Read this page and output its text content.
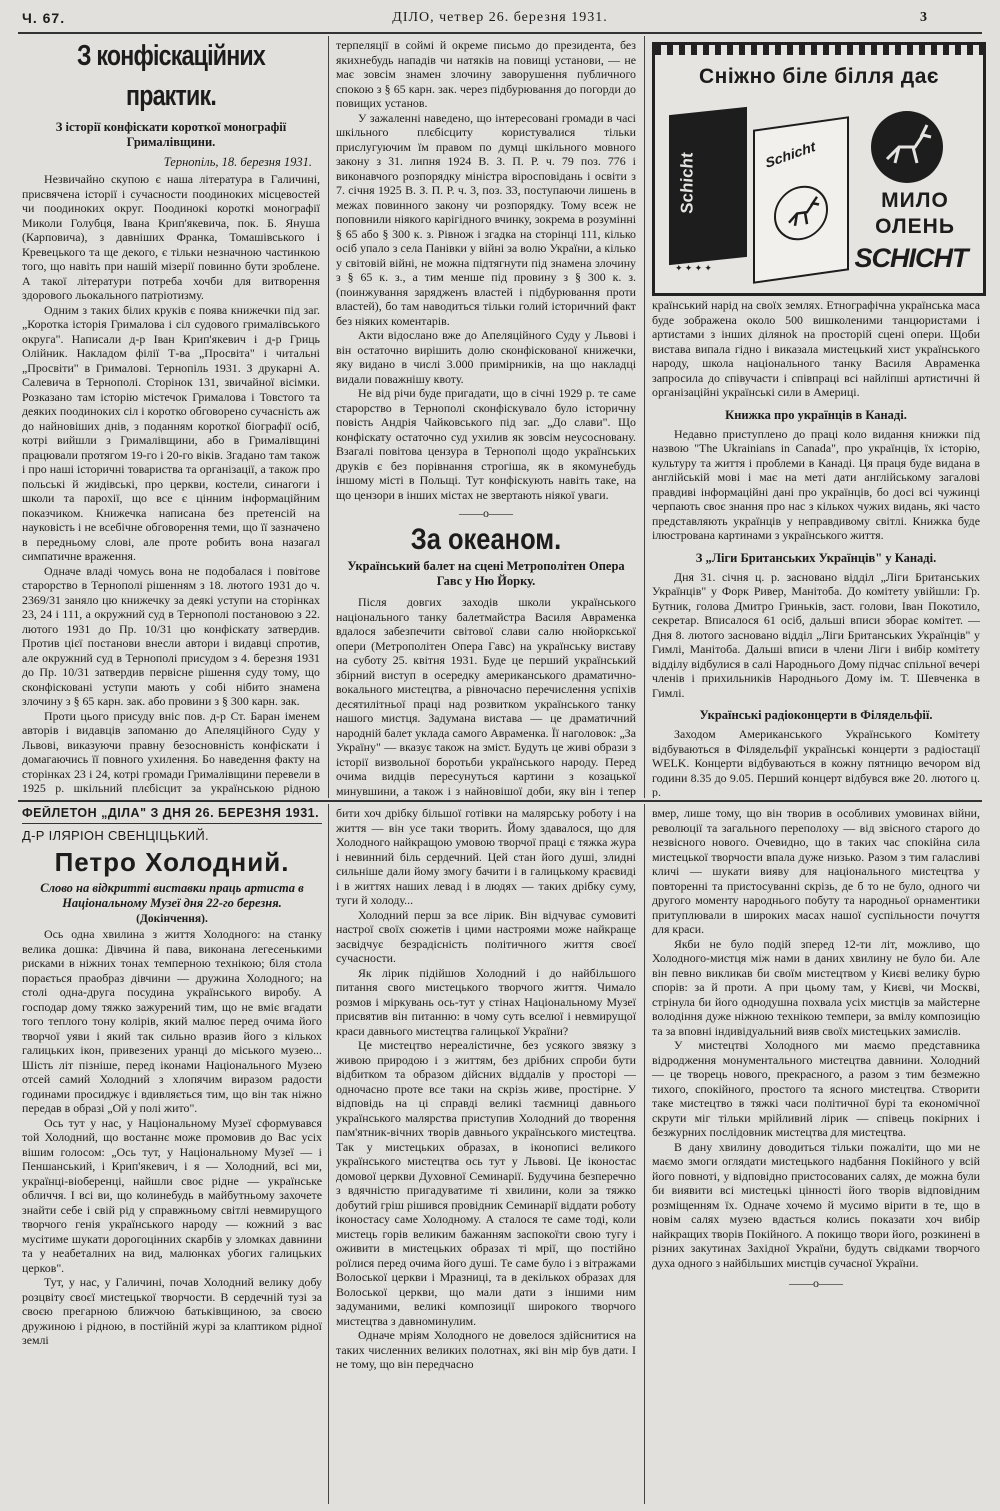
Ч. 67.	ДІЛО, четвер 26. березня 1931.	3
З конфіскаційних практик.

З історії конфіскати короткої монографії Грималівщини.

Тернопіль, 18. березня 1931.

Незвичайно скупою є наша література в Галичині, присвячена історії і сучасности поодиноких місцевостей чи поодиноких округ. Поодинокі короткі монографії Миколи Голубця, Івана Крип'якевича, пок. Б. Януша (Карповича), з давніших Франка, Томашівського і Кревецького та ще декого, є тільки незначною частинкою того, що навіть при нашій мізерії повинно бути зроблене. А такої літератури потреба хочби для витворення здорового льокального патріотизму.

Одним з таких білих круків є поява книжечки під заг. „Коротка історія Грималова і сіл судового грималівського округа". Написали д-р Іван Крип'якевич і д-р Гриць Олійник. Накладом філії Т-ва „Просвіта" і читальні „Просвіти" в Грималові. Тернопіль 1931. З друкарні А. Салевича в Тернополі. Сторінок 131, звичайної вісімки. Розказано там історію містечок Грималова і Товстого та деяких поодиноких сіл і коротко обговорено сучасність аж до найновіших днів, з поданням короткої біографії осіб, котрі вийшли з Грималівщини, або в Грималівщині працювали протягом 19-го і 20-го віків. Згадано там також і про наші історичні товариства та організації, а також про польські й жидівські, про церкви, костели, синагоги і школи та парохії, що все є цінним інформаційним показчиком. Книжечка написана без претенсій на науковість і не всебічне обговорення теми, що її зазначено в передньому слові, але проте робить вона назагал симпатичне враження.

Одначе владі чомусь вона не подобалася і повітове старорство в Тернополі рішенням з 18. лютого 1931 до ч. 2369/31 заняло цю книжечку за деякі уступи на сторінках 23, 24 і 111, а окружний суд в Тернополі постановою з 22. лютого 1931 до Пр. 10/31 цю конфіскату затвердив. Против цієї постанови внесли автори і видавці спротив, але окружний суд в Тернополі присудом з 4. березня 1931 до Пр. 10/31 затвердив первісне рішення суду тому, що сконфісковані уступи мають у собі нібито знамена злочину з § 65 карн. зак. або провини з § 300 карн. зак.

Проти цього присуду вніс пов. д-р Ст. Баран іменем авторів і видавців запоманю до Апеляційного Суду у Львові, виказуючи правну безосновність конфіскати і домагаючись її повного ухилення. Бо наведення факту на сторінках 23 і 24, котрі громади Грималівщини перевели в 1925 р. шкільний плєбісцит за українською рідною

терпеляції в соймі й окреме письмо до президента, без якихнебудь нападів чи натяків на повищі установи, — не має зовсім знамен злочину заворушення публичного спокою з § 65 карн. зак. через підбурювання до погорди до повищих установ.

У зажаленні наведено, що інтересовані громади в часі шкільного плєбісциту користувалися тільки прислугуючим їм правом по думці шкільного мовного закону з 31. липня 1924 В. З. П. Р. ч. 79 поз. 776 і виконавчого розпорядку міністра віросповідань і освіти з 7. січня 1925 В. З. П. Р. ч. 3, поз. 33, поступаючи лишень в межах повинного закону чи розпорядку. Тому всеж не поповнили ніякого карігідного вчинку, зокрема в розумінні § 65 або § 300 к. з. Рівнож і згадка на сторінці 111, кілько осіб упало з села Панівки у війні за волю України, а кілько у світовій війні, не можна підтягнути під знамена злочину з § 65 к. з., а тим менше під провину з § 300 к. з. (поинжування зарядженъ властей і підбурювання проти властей), бо там наводиться тільки голий історичний факт без ніяких коментарів.

Акти відослано вже до Апеляційного Суду у Львові і він остаточно вирішить долю сконфіскованої книжечки, яку видано в числі 3.000 примірників, на що накладці видали поважнішу квоту.

Не від річи буде пригадати, що в січні 1929 р. те саме старорство в Тернополі сконфіскувало було історичну повість Андрія Чайковського під заг. „До слави". Що конфіскату остаточно суд ухилив як зовсім неусосновану. Взагалі повітова цензура в Тернополі щодо українських друків є без порівнання строгіша, як в якомунебудь іншому місті в Польщі. Тут конфіскують навіть таке, на що цензори в інших містах не звертають ніякої уваги.

——о——
За океаном.

Український балет на сцені Метрополітен Опера Гавс у Ню Йорку.

Після довгих заходів школи українського національного танку балетмайстра Василя Авраменка вдалося забезпечити світової слави салю нюйоркської опери (Метрополітен Опера Гавс) на українську виставу на суботу 25. квітня 1931. Буде це перший український збірний виступ в осередку американського драматично-вокального мистецтва, а рівночасно перечислення успіхів десятилітньої праці над розвитком українського танку нашого мистця. Задумана вистава — це драматичний народній балет уклада самого Авраменка. Її наголовок: „За Україну" — вказує також на зміст. Будуть це живі образи з історії визвольної боротьби українського народу. Перед очима видців пересунуться картини з козацької минувшини, а також і з найновішої доби, яку він і тепер

Сніжно біле білля дає
Schicht	Schicht
МИЛО
ОЛЕНЬ
SCHICHT
✦ ✦ ✦ ✦

країнський нарід на своїх землях. Етнографічна українська маса буде зображена около 500 вишколеними танцюристами і артистами з інших діляноk на просторій сцені опери. Щоби вистава випала гідно і виказала мистецький хист українського народу, школа національного танку Василя Авраменка запросила до співучасти і співпраці всі найліпші артистичні й організаційні українські сили в Америці.

Книжка про українців в Канаді.

Недавно приступлено до праці коло видання книжки під назвою "The Ukrainians in Canada", про українців, їх історію, культуру та життя і проблеми в Канаді. Ця праця буде видана в англійській мові і має на меті дати англійському загалові правдиві інформаційні дані про українців, бо досі всі чужинці черпають своє знання про нас з кількох чужих видань, які часто представляють українців у неправдивому світлі. Книжка буде ілюстрована картинами з українського життя.

З „Ліги Британських Українців" у Канаді.

Дня 31. січня ц. р. засновано відділ „Ліги Британських Українців" у Форк Ривер, Манітоба. До комітету увійшли: Гр. Бутник, голова Дмитро Гриньків, заст. голови, Іван Покотило, секретар. Вписалося 61 осіб, дальші вписи зборає комітет. — Дня 8. лютого засновано відділ „Ліги Британських Українців" у Гимлі, Манітоба. Дальші вписи в члени Ліги і вибір комітету відділу відбулися в салі Народнього Дому підчас спільної вечері членів і прихильників Народнього Дому ім. Т. Шевченка в Гимлі.

Українські радіоконцерти в Філядельфії.

Заходом Американського Українського Комітету відбуваються в Філядельфії українські концерти з радіостації WELK. Концерти відбуваються в кожну пятницю вечором від години 8.35 до 9.05. Перший концерт відбувся вже 20. лютого ц. р.

ФЕЙЛЕТОН „ДІЛА" З ДНЯ 26. БЕРЕЗНЯ 1931.
Д-Р ІЛЯРІОН СВЕНЦІЦЬКИЙ.
Петро Холодний.

Слово на відкритті виставки праць артиста в Національному Музеї дня 22-го березня.

(Докінчення).

Ось одна хвилина з життя Холодного: на станку велика дошка: Дівчина й пава, виконана легесенькими рисками в ніжних тонах темперною технікою; біля стола порається праобраз дівчини — дружина Холодного; на столі одна-друга посудина українського виробу. А господар дому тяжко зажурений тим, що не вміє вгадати того теплого тону колірів, який малює перед очима його творчої уяви і який так сильно вразив його з кількох галицьких ікон, привезених уранці до міського музею... Шість літ пізніше, перед іконами Національного Музею отсей самий Холодний з хлопячим виразом радости годинами просиджує і вдивляється тим, що він так ніжно передав в образі „Ой у полі жито".

Ось тут у нас, у Національному Музеї сформувався той Холодний, що востаннє може промовив до Вас усіх вішим голосом: „Ось тут, у Національному Музеї — і Пеншанський, і Крип'якевич, і я — Холодний, всі ми, українці-віоберенці, найшли своє рідне — українське обличчя. І всі ви, що колинебудь в майбутньому захочете знайти себе і свій рід у справжньому світлі невмирущого творчого генія українського народу — кожний з вас мусітиме шукати дорогоцінних скарбів у зломках давнини та у неабеталних на вид, малюнках убогих галицьких церков".

Тут, у нас, у Галичині, почав Холодний велику добу розцвіту своєї мистецької творчости. В сердечній тузі за своєю прегарною ближчою батьківщиною, за своєю дружиною і рідною, в постійній журі за клаптиком рідної землі

бити хоч дрібку більшої готівки на малярську роботу і на життя — він усе таки творить. Йому здавалося, що для Холодного найкращою умовою творчої праці є тяжка журa і невинний біль сердечний. Цей стан його душі, злидні сильніше дали йому змогу бачити і в галицькому краєвиді і в життях наших левад і в людях — таких дрібку суму, туги й холоду...

Холодний перш за все лірик. Він відчуває сумовиті настрої своїх сюжетів і цими настроями може найкраще засвідчує безрадісність політичного життя своєї сучасности.

Як лірик підійшов Холодний і до найбільшого питання свого мистецького творчого життя. Чимало розмов і міркувань ось-тут у стінах Національному Музеї присвятив він питанню: в чому суть вселюї і невмирущої краси давнього мистецтва галицької України?

Це мистецтво нереалістичне, без усякого звязку з живою природою і з життям, без дрібних спроби бути відбитком та образом дійсних віддалів у просторі — одночасно проте все таки на скрізь живе, простірне. У відповідь на ці справді великі таємниці давнього українського малярства приступив Холодний до творення пам'ятник-вічних творів давнього українського мистецтва. Так у мистецьких образах, в іконописі великого українського мистецтва ось тут у Львові. Це іконостас домової церкви Духовної Семинарії. Будучина безперечно з вдячністю пригадуватиме ті хвилини, коли за тяжко добутий гріш рішився провідник Семинарії віддати роботу іконостасу саме Холодному. А сталося те саме тоді, коли мистець горів великим бажанням заспокоїти свою тугу і оживити в мистецьких образах ті мрії, що постійно роїлися перед очима його душі. Те саме було і з вітражами Волоської церкви і Мразниці, та в декількох образах для Волоської церкви, що мали дати з іншими ним задуманими, великі композиції широкого творчого мистецтва з давноминулим.

Одначе мріям Холодного не довелося здійснитися на таких численних великих полотнах, які він мір був дати. І не тому, що він передчасно

вмер, лише тому, що він творив в особливих умовинах війни, революції та загального переполоху — від звісного старого до незвісного нового. Очевидно, що в таких час спокійна сила мистецької творчости впала дуже низько. Разом з тим галасливі кличі — шукати виявy для національного мистецтва у повторенні та пристосуванні скрізь, де б то не було, одного чи другого моменту народнього побуту та народньої орнаментики притуплювали в широких масах нашої суспільности почуття для краси.

Якби не було подій зперед 12-ти літ, можливо, що Холодного-мистця між нами в даних хвилину не було би. Але він певно викликав би своїм мистецтвом у Києві велику бурю спорів: за й проти. А при цьому там, у Києві, чи Москві, стрінула би його однодушна похвала усіх мистців за майстерне володіння дуже ніжною технікою темпери, за вмілу композицію та за вповні індивідуальний вияв своїх мистецьких замислів.

У мистецтві Холодного ми маємо представника відродження монументального мистецтва давнини. Холодний — це творець нового, прекрасного, а разом з тим безмежно тихого, спокійного, простого та ясного мистецтва. Створити таке мистецтво в тяжкі часи політичної бурі та економічної скрути міг тільки мрійливий лірик — співець покірних і безжурних послідовник мистецтва для мистецтва.

В дану хвилину доводиться тільки пожаліти, що ми не маємо змоги оглядати мистецького надбання Покійного у всій його повноті, у відповідно пристосованих салях, де можна були би виявити всі мистецькі цінності його творів відповідним розміщенням їх. Одначе хочемо й мусимо вірити в те, що в новім салях музею вдасться колись показати хоч вибір найкращих творів Покійного. А покищо твори його, розкинені в різних закутинах Західної України, будуть свідками творчого духа одного з найбільших мистців сучасної України.

——о——
